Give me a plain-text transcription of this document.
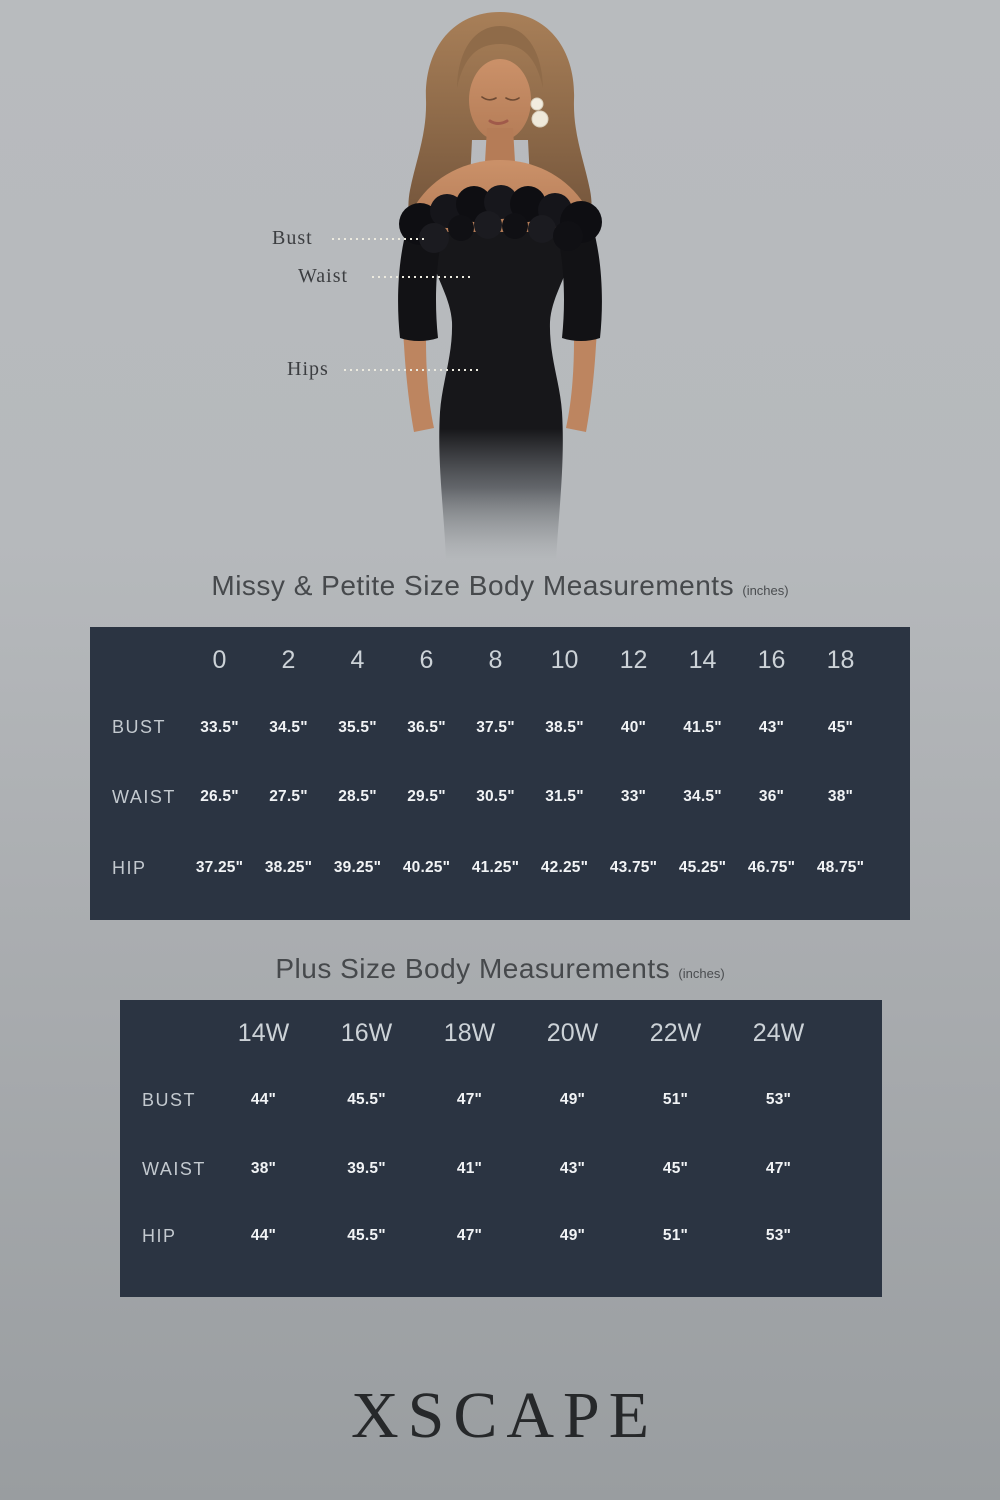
Bust
Waist
Hips
Missy & Petite Size Body Measurements (inches)
0	2	4	6	8	10	12	14	16	18
BUST	33.5"	34.5"	35.5"	36.5"	37.5"	38.5"	40"	41.5"	43"	45"
WAIST	26.5"	27.5"	28.5"	29.5"	30.5"	31.5"	33"	34.5"	36"	38"
HIP	37.25"	38.25"	39.25"	40.25"	41.25"	42.25"	43.75"	45.25"	46.75"	48.75"
Plus Size Body Measurements (inches)
14W	16W	18W	20W	22W	24W
BUST	44"	45.5"	47"	49"	51"	53"
WAIST	38"	39.5"	41"	43"	45"	47"
HIP	44"	45.5"	47"	49"	51"	53"
XSCAPE
